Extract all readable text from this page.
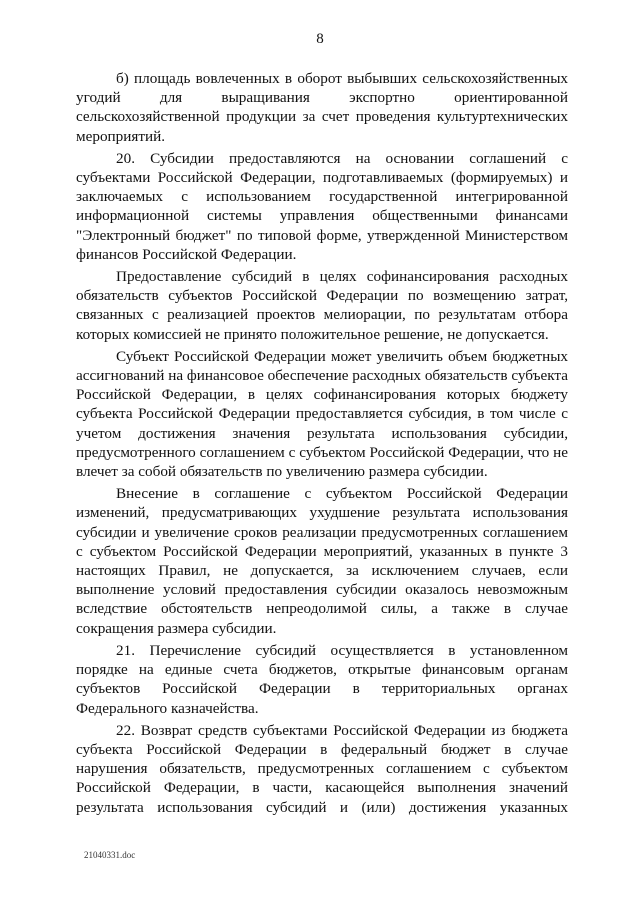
8

б) площадь вовлеченных в оборот выбывших сельскохозяйственных угодий для выращивания экспортно ориентированной сельскохозяйственной продукции за счет проведения культуртехнических мероприятий.

20. Субсидии предоставляются на основании соглашений с субъектами Российской Федерации, подготавливаемых (формируемых) и заключаемых с использованием государственной интегрированной информационной системы управления общественными финансами "Электронный бюджет" по типовой форме, утвержденной Министерством финансов Российской Федерации.

Предоставление субсидий в целях софинансирования расходных обязательств субъектов Российской Федерации по возмещению затрат, связанных с реализацией проектов мелиорации, по результатам отбора которых комиссией не принято положительное решение, не допускается.

Субъект Российской Федерации может увеличить объем бюджетных ассигнований на финансовое обеспечение расходных обязательств субъекта Российской Федерации, в целях софинансирования которых бюджету субъекта Российской Федерации предоставляется субсидия, в том числе с учетом достижения значения результата использования субсидии, предусмотренного соглашением с субъектом Российской Федерации, что не влечет за собой обязательств по увеличению размера субсидии.

Внесение в соглашение с субъектом Российской Федерации изменений, предусматривающих ухудшение результата использования субсидии и увеличение сроков реализации предусмотренных соглашением с субъектом Российской Федерации мероприятий, указанных в пункте 3 настоящих Правил, не допускается, за исключением случаев, если выполнение условий предоставления субсидии оказалось невозможным вследствие обстоятельств непреодолимой силы, а также в случае сокращения размера субсидии.

21. Перечисление субсидий осуществляется в установленном порядке на единые счета бюджетов, открытые финансовым органам субъектов Российской Федерации в территориальных органах Федерального казначейства.

22. Возврат средств субъектами Российской Федерации из бюджета субъекта Российской Федерации в федеральный бюджет в случае нарушения обязательств, предусмотренных соглашением с субъектом Российской Федерации, в части, касающейся выполнения значений результата использования субсидий и (или) достижения указанных

21040331.doc
